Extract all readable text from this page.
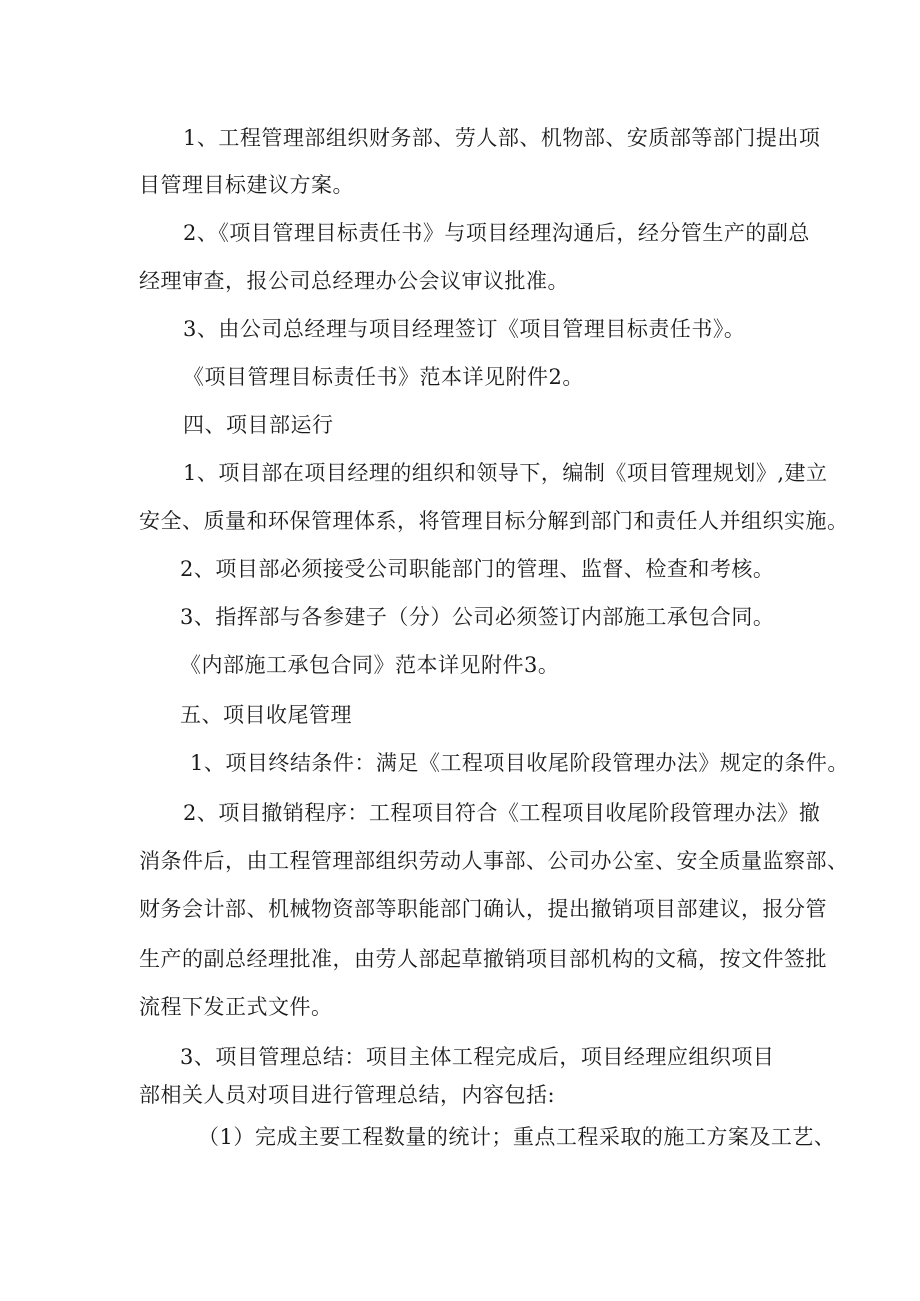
1、工程管理部组织财务部、劳人部、机物部、安质部等部门提出项
目管理目标建议方案。
2、《项目管理目标责任书》与项目经理沟通后，经分管生产的副总
经理审查，报公司总经理办公会议审议批准。
3、由公司总经理与项目经理签订《项目管理目标责任书》。
《项目管理目标责任书》范本详见附件2。
四、项目部运行
1、项目部在项目经理的组织和领导下，编制《项目管理规划》,建立
安全、质量和环保管理体系，将管理目标分解到部门和责任人并组织实施。
2、项目部必须接受公司职能部门的管理、监督、检查和考核。
3、指挥部与各参建子（分）公司必须签订内部施工承包合同。
《内部施工承包合同》范本详见附件3。
五、项目收尾管理
1、项目终结条件：满足《工程项目收尾阶段管理办法》规定的条件。
2、项目撤销程序：工程项目符合《工程项目收尾阶段管理办法》撤
消条件后，由工程管理部组织劳动人事部、公司办公室、安全质量监察部、
财务会计部、机械物资部等职能部门确认，提出撤销项目部建议，报分管
生产的副总经理批准，由劳人部起草撤销项目部机构的文稿，按文件签批
流程下发正式文件。
3、项目管理总结：项目主体工程完成后，项目经理应组织项目
部相关人员对项目进行管理总结，内容包括:
（1）完成主要工程数量的统计；重点工程采取的施工方案及工艺、
